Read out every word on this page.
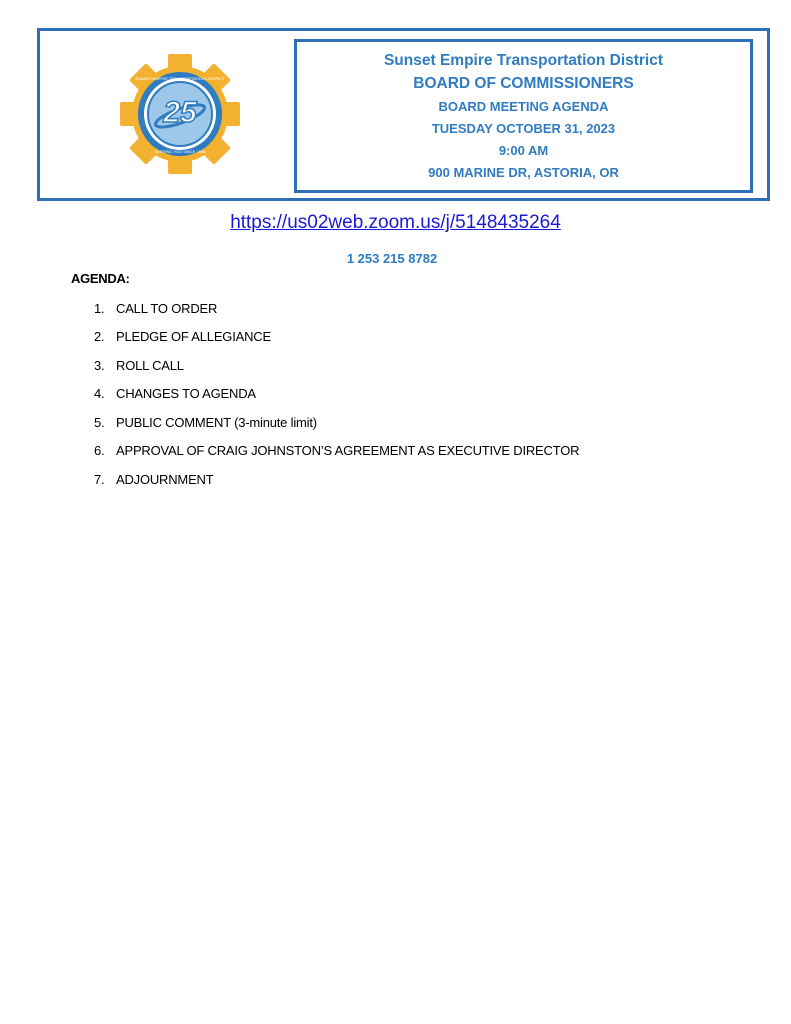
25
SUNSET EMPIRE TRANSPORTATION DISTRICT
SERVING YOU SINCE 1998
Sunset Empire Transportation District
BOARD OF COMMISSIONERS
BOARD MEETING AGENDA
TUESDAY OCTOBER 31, 2023
9:00 AM
900 MARINE DR, ASTORIA, OR
https://us02web.zoom.us/j/5148435264
1 253 215 8782
AGENDA:
1. CALL TO ORDER
2. PLEDGE OF ALLEGIANCE
3. ROLL CALL
4. CHANGES TO AGENDA
5. PUBLIC COMMENT (3-minute limit)
6. APPROVAL OF CRAIG JOHNSTON’S AGREEMENT AS EXECUTIVE DIRECTOR
7. ADJOURNMENT
